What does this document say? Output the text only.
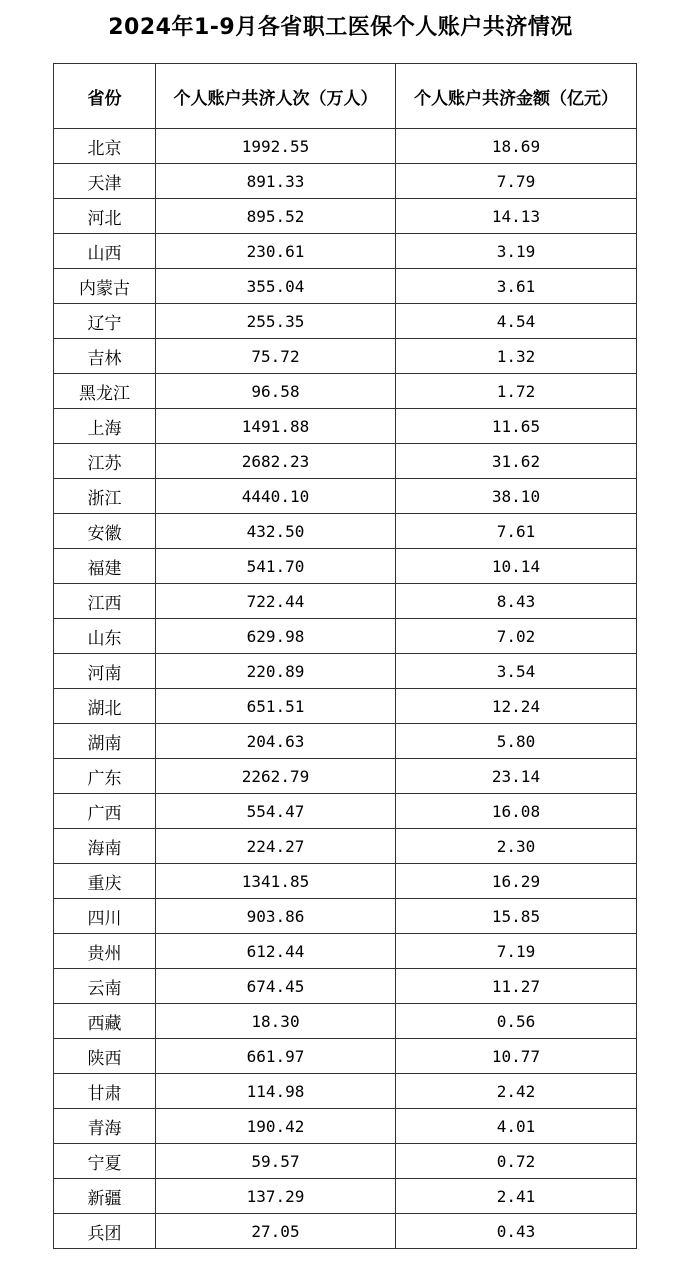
2024年1-9月各省职工医保个人账户共济情况
省份	个人账户共济人次（万人）	个人账户共济金额（亿元）
北京	1992.55	18.69
天津	891.33	7.79
河北	895.52	14.13
山西	230.61	3.19
内蒙古	355.04	3.61
辽宁	255.35	4.54
吉林	75.72	1.32
黑龙江	96.58	1.72
上海	1491.88	11.65
江苏	2682.23	31.62
浙江	4440.10	38.10
安徽	432.50	7.61
福建	541.70	10.14
江西	722.44	8.43
山东	629.98	7.02
河南	220.89	3.54
湖北	651.51	12.24
湖南	204.63	5.80
广东	2262.79	23.14
广西	554.47	16.08
海南	224.27	2.30
重庆	1341.85	16.29
四川	903.86	15.85
贵州	612.44	7.19
云南	674.45	11.27
西藏	18.30	0.56
陕西	661.97	10.77
甘肃	114.98	2.42
青海	190.42	4.01
宁夏	59.57	0.72
新疆	137.29	2.41
兵团	27.05	0.43
